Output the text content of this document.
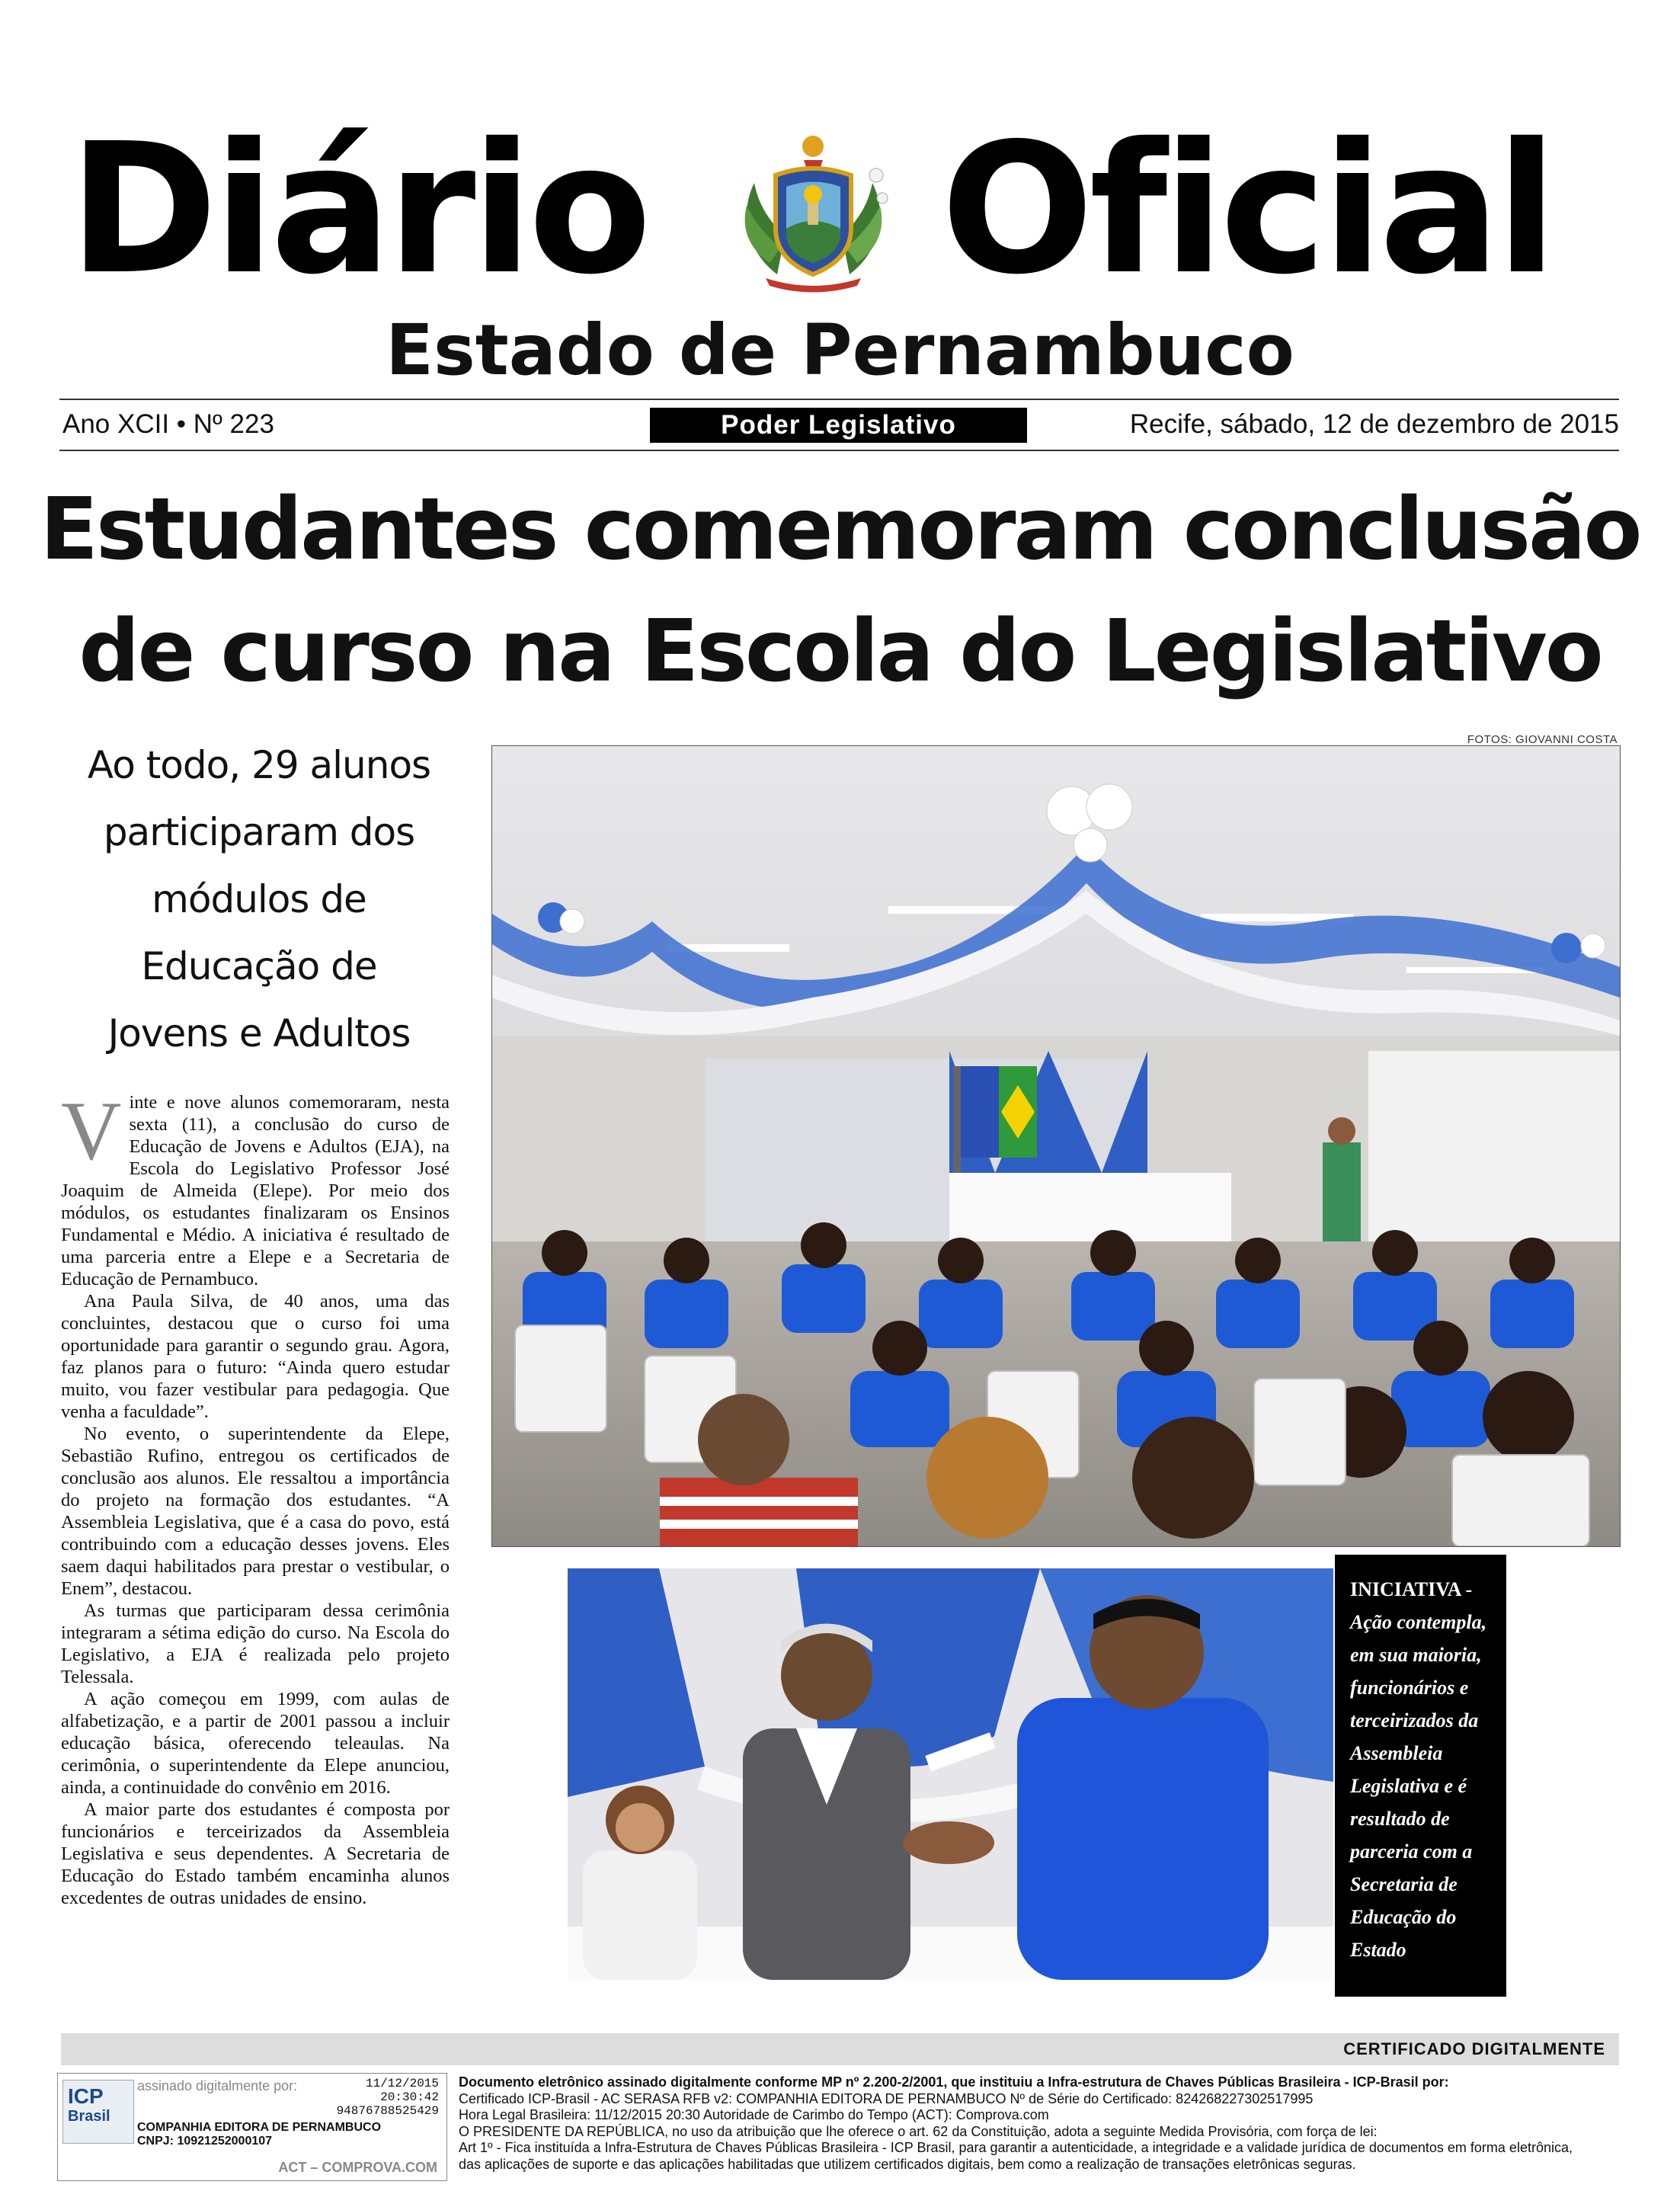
Diário Oficial
Estado de Pernambuco
Ano XCII • Nº 223	Poder Legislativo	Recife, sábado, 12 de dezembro de 2015
Estudantes comemoram conclusão
de curso na Escola do Legislativo
Ao todo, 29 alunos
participaram dos
módulos de
Educação de
Jovens e Adultos

Vinte e nove alunos comemoraram, nesta sexta (11), a conclusão do curso de Educação de Jovens e Adultos (EJA), na Escola do Legislativo Professor José Joaquim de Almeida (Elepe). Por meio dos módulos, os estudantes finalizaram os Ensinos Fundamental e Médio. A iniciativa é resultado de uma parceria entre a Elepe e a Secretaria de Educação de Pernambuco.

Ana Paula Silva, de 40 anos, uma das concluintes, destacou que o curso foi uma oportunidade para garantir o segundo grau. Agora, faz planos para o futuro: “Ainda quero estudar muito, vou fazer vestibular para pedagogia. Que venha a faculdade”.

No evento, o superintendente da Elepe, Sebastião Rufino, entregou os certificados de conclusão aos alunos. Ele ressaltou a importância do projeto na formação dos estudantes. “A Assembleia Legislativa, que é a casa do povo, está contribuindo com a educação desses jovens. Eles saem daqui habilitados para prestar o vestibular, o Enem”, destacou.

As turmas que participaram dessa cerimônia integraram a sétima edição do curso. Na Escola do Legislativo, a EJA é realizada pelo projeto Telessala.

A ação começou em 1999, com aulas de alfabetização, e a partir de 2001 passou a incluir educação básica, oferecendo teleaulas. Na cerimônia, o superintendente da Elepe anunciou, ainda, a continuidade do convênio em 2016.

A maior parte dos estudantes é composta por funcionários e terceirizados da Assembleia Legislativa e seus dependentes. A Secretaria de Educação do Estado também encaminha alunos excedentes de outras unidades de ensino.

FOTOS: GIOVANNI COSTA
INICIATIVA -
Ação contempla, em sua maioria, funcionários e terceirizados da Assembleia Legislativa e é resultado de parceria com a Secretaria de Educação do Estado
CERTIFICADO DIGITALMENTE
ICP
Brasil
assinado digitalmente por:	11/12/2015
20:30:42
94876788525429
COMPANHIA EDITORA DE PERNAMBUCO
CNPJ: 10921252000107
ACT – COMPROVA.COM
Documento eletrônico assinado digitalmente conforme MP nº 2.200-2/2001, que instituiu a Infra-estrutura de Chaves Públicas Brasileira - ICP-Brasil por:
Certificado ICP-Brasil - AC SERASA RFB v2: COMPANHIA EDITORA DE PERNAMBUCO Nº de Série do Certificado: 824268227302517995
Hora Legal Brasileira: 11/12/2015 20:30 Autoridade de Carimbo do Tempo (ACT): Comprova.com
O PRESIDENTE DA REPÚBLICA, no uso da atribuição que lhe oferece o art. 62 da Constituição, adota a seguinte Medida Provisória, com força de lei:
Art 1º - Fica instituída a Infra-Estrutura de Chaves Públicas Brasileira - ICP Brasil, para garantir a autenticidade, a integridade e a validade jurídica de documentos em forma eletrônica,
das aplicações de suporte e das aplicações habilitadas que utilizem certificados digitais, bem como a realização de transações eletrônicas seguras.
